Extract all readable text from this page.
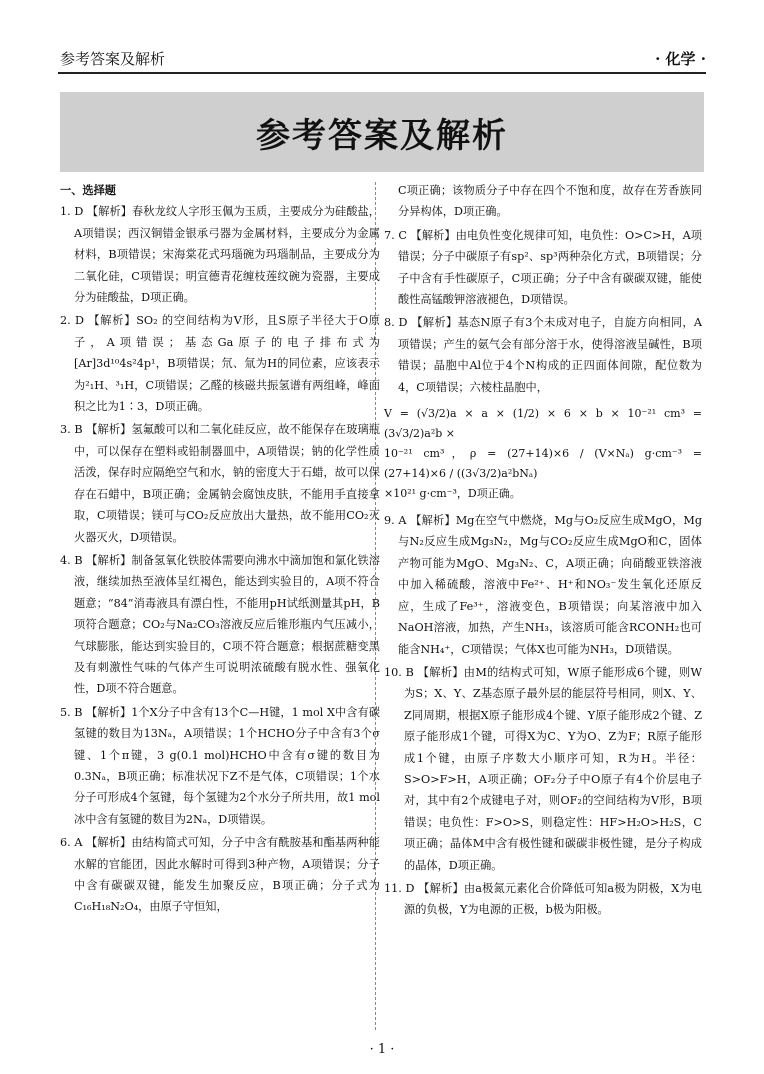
参考答案及解析	· 化学 ·
参考答案及解析
一、选择题

1. D 【解析】春秋龙纹人字形玉佩为玉质，主要成分为硅酸盐，A项错误；西汉铜错金银承弓器为金属材料，主要成分为金属材料，B项错误；宋海棠花式玛瑙碗为玛瑙制品，主要成分为二氧化硅，C项错误；明宣德青花缠枝莲纹碗为瓷器，主要成分为硅酸盐，D项正确。

2. D 【解析】SO₂ 的空间结构为V形，且S原子半径大于O原子，A项错误；基态Ga原子的电子排布式为[Ar]3d¹⁰4s²4p¹，B项错误；氘、氚为H的同位素，应该表示为²₁H、³₁H，C项错误；乙醛的核磁共振氢谱有两组峰，峰面积之比为1∶3，D项正确。

3. B 【解析】氢氟酸可以和二氧化硅反应，故不能保存在玻璃瓶中，可以保存在塑料或铅制器皿中，A项错误；钠的化学性质活泼，保存时应隔绝空气和水，钠的密度大于石蜡，故可以保存在石蜡中，B项正确；金属钠会腐蚀皮肤，不能用手直接拿取，C项错误；镁可与CO₂反应放出大量热，故不能用CO₂灭火器灭火，D项错误。

4. B 【解析】制备氢氧化铁胶体需要向沸水中滴加饱和氯化铁溶液，继续加热至液体呈红褐色，能达到实验目的，A项不符合题意；“84”消毒液具有漂白性，不能用pH试纸测量其pH，B项符合题意；CO₂与Na₂CO₃溶液反应后锥形瓶内气压减小，气球膨胀，能达到实验目的，C项不符合题意；根据蔗糖变黑及有刺激性气味的气体产生可说明浓硫酸有脱水性、强氧化性，D项不符合题意。

5. B 【解析】1个X分子中含有13个C—H键，1 mol X中含有碳氢键的数目为13Nₐ，A项错误；1个HCHO分子中含有3个σ键、1个π键，3 g(0.1 mol)HCHO中含有σ键的数目为0.3Nₐ，B项正确；标准状况下Z不是气体，C项错误；1个水分子可形成4个氢键，每个氢键为2个水分子所共用，故1 mol冰中含有氢键的数目为2Nₐ，D项错误。

6. A 【解析】由结构简式可知，分子中含有酰胺基和酯基两种能水解的官能团，因此水解时可得到3种产物，A项错误；分子中含有碳碳双键，能发生加聚反应，B项正确；分子式为C₁₆H₁₈N₂O₄，由原子守恒知，

C项正确；该物质分子中存在四个不饱和度，故存在芳香族同分异构体，D项正确。

7. C 【解析】由电负性变化规律可知，电负性：O>C>H，A项错误；分子中碳原子有sp²、sp³两种杂化方式，B项错误；分子中含有手性碳原子，C项正确；分子中含有碳碳双键，能使酸性高锰酸钾溶液褪色，D项错误。

8. D 【解析】基态N原子有3个未成对电子，自旋方向相同，A项错误；产生的氨气会有部分溶于水，使得溶液呈碱性，B项错误；晶胞中Al位于4个N构成的正四面体间隙，配位数为4，C项错误；六棱柱晶胞中，

V = (√3/2)a × a × (1/2) × 6 × b × 10⁻²¹ cm³ = (3√3/2)a²b ×
10⁻²¹ cm³，ρ = (27+14)×6 / (V×Nₐ) g·cm⁻³ = (27+14)×6 / ((3√3/2)a²bNₐ)
×10²¹ g·cm⁻³，D项正确。

9. A 【解析】Mg在空气中燃烧，Mg与O₂反应生成MgO，Mg与N₂反应生成Mg₃N₂，Mg与CO₂反应生成MgO和C，固体产物可能为MgO、Mg₃N₂、C，A项正确；向硝酸亚铁溶液中加入稀硫酸，溶液中Fe²⁺、H⁺和NO₃⁻发生氧化还原反应，生成了Fe³⁺，溶液变色，B项错误；向某溶液中加入NaOH溶液，加热，产生NH₃，该溶质可能含RCONH₂也可能含NH₄⁺，C项错误；气体X也可能为NH₃，D项错误。

10. B 【解析】由M的结构式可知，W原子能形成6个键，则W为S；X、Y、Z基态原子最外层的能层符号相同，则X、Y、Z同周期，根据X原子能形成4个键、Y原子能形成2个键、Z原子能形成1个键，可得X为C、Y为O、Z为F；R原子能形成1个键，由原子序数大小顺序可知，R为H。半径：S>O>F>H，A项正确；OF₂分子中O原子有4个价层电子对，其中有2个成键电子对，则OF₂的空间结构为V形，B项错误；电负性：F>O>S，则稳定性：HF>H₂O>H₂S，C项正确；晶体M中含有极性键和碳碳非极性键，是分子构成的晶体，D项正确。

11. D 【解析】由a极氮元素化合价降低可知a极为阴极，X为电源的负极，Y为电源的正极，b极为阳极。

· 1 ·
